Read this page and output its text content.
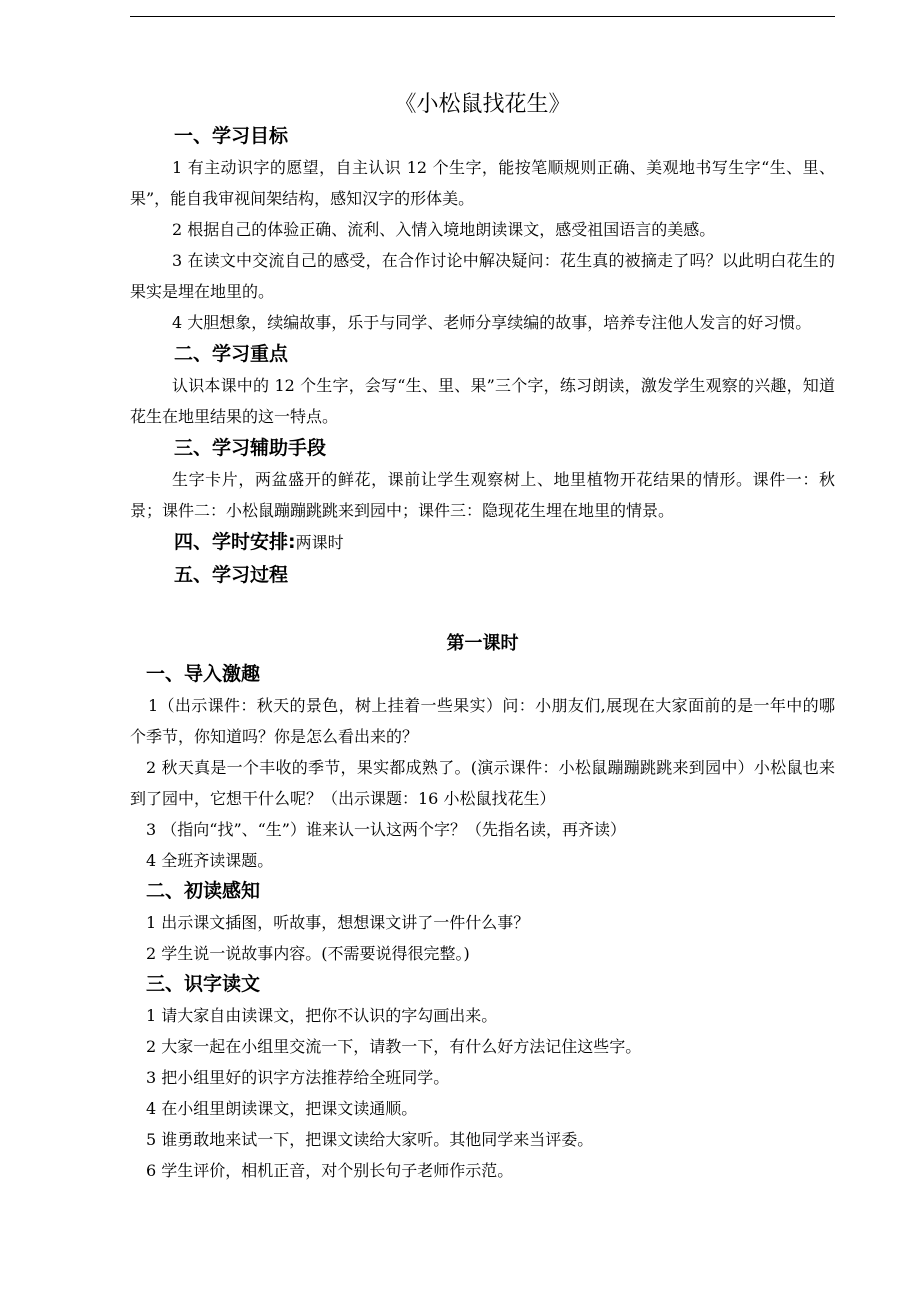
《小松鼠找花生》
一、学习目标

1 有主动识字的愿望，自主认识 12 个生字，能按笔顺规则正确、美观地书写生字“生、里、果”，能自我审视间架结构，感知汉字的形体美。

2 根据自己的体验正确、流利、入情入境地朗读课文，感受祖国语言的美感。

3 在读文中交流自己的感受，在合作讨论中解决疑问：花生真的被摘走了吗？以此明白花生的果实是埋在地里的。

4 大胆想象，续编故事，乐于与同学、老师分享续编的故事，培养专注他人发言的好习惯。

二、学习重点

认识本课中的 12 个生字，会写“生、里、果”三个字，练习朗读，激发学生观察的兴趣，知道花生在地里结果的这一特点。

三、学习辅助手段

生字卡片，两盆盛开的鲜花，课前让学生观察树上、地里植物开花结果的情形。课件一：秋景；课件二：小松鼠蹦蹦跳跳来到园中；课件三：隐现花生埋在地里的情景。

四、学时安排:两课时
五、学习过程
第一课时
一、导入激趣

1（出示课件：秋天的景色，树上挂着一些果实）问：小朋友们,展现在大家面前的是一年中的哪个季节，你知道吗？你是怎么看出来的？

2 秋天真是一个丰收的季节，果实都成熟了。(演示课件：小松鼠蹦蹦跳跳来到园中）小松鼠也来到了园中，它想干什么呢？（出示课题：16 小松鼠找花生）

3 （指向“找”、“生”）谁来认一认这两个字？（先指名读，再齐读）

4 全班齐读课题。

二、初读感知

1 出示课文插图，听故事，想想课文讲了一件什么事？

2 学生说一说故事内容。(不需要说得很完整。)

三、识字读文

1 请大家自由读课文，把你不认识的字勾画出来。

2 大家一起在小组里交流一下，请教一下，有什么好方法记住这些字。

3 把小组里好的识字方法推荐给全班同学。

4 在小组里朗读课文，把课文读通顺。

5 谁勇敢地来试一下，把课文读给大家听。其他同学来当评委。

6 学生评价，相机正音，对个别长句子老师作示范。
